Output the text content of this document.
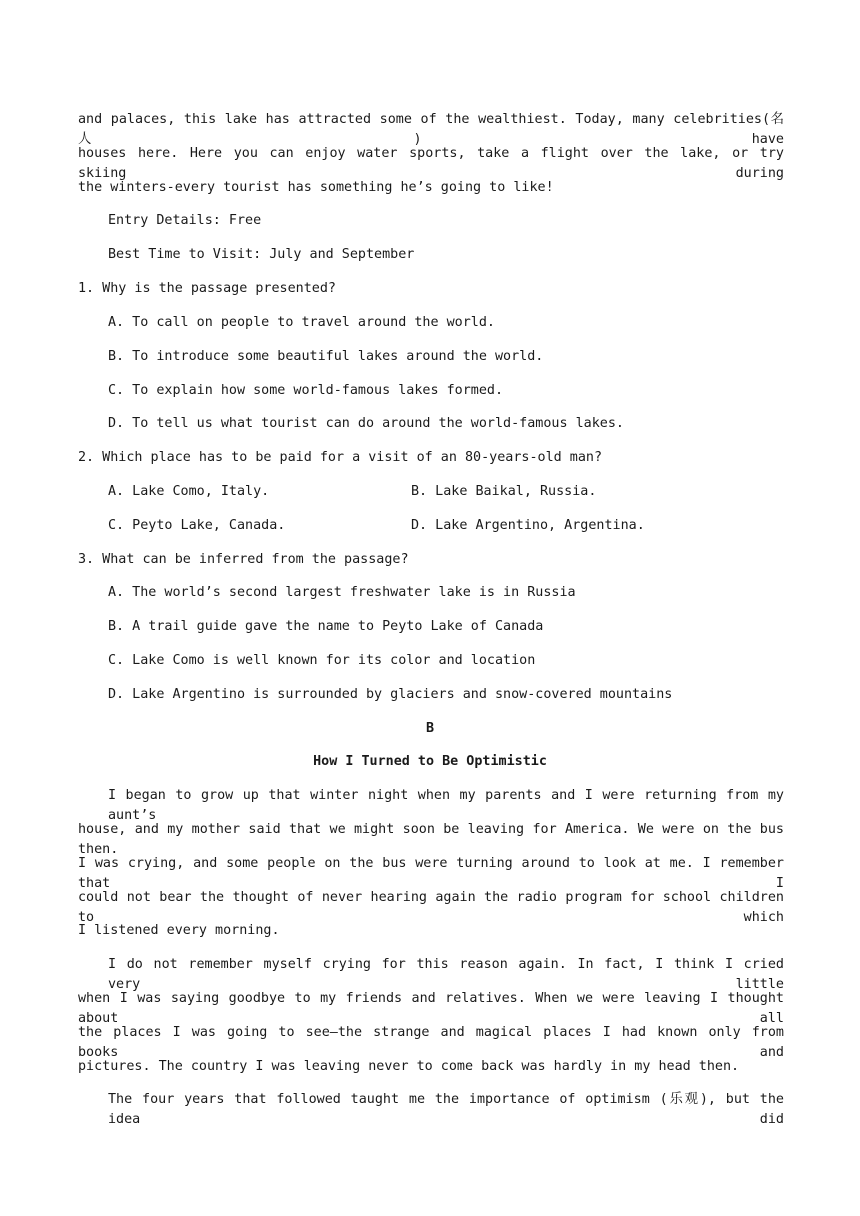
and palaces, this lake has attracted some of the wealthiest. Today, many celebrities(名人) have
houses here. Here you can enjoy water sports, take a flight over the lake, or try skiing during
the winters-every tourist has something he’s going to like!
Entry Details: Free
Best Time to Visit: July and September
1. Why is the passage presented?
A. To call on people to travel around the world.
B. To introduce some beautiful lakes around the world.
C. To explain how some world-famous lakes formed.
D. To tell us what tourist can do around the world-famous lakes.
2. Which place has to be paid for a visit of an 80-years-old man?
A. Lake Como, Italy.	B. Lake Baikal, Russia.
C. Peyto Lake, Canada.	D. Lake Argentino, Argentina.
3. What can be inferred from the passage?
A. The world’s second largest freshwater lake is in Russia
B. A trail guide gave the name to Peyto Lake of Canada
C. Lake Como is well known for its color and location
D. Lake Argentino is surrounded by glaciers and snow-covered mountains
B
How I Turned to Be Optimistic
I began to grow up that winter night when my parents and I were returning from my aunt’s
house, and my mother said that we might soon be leaving for America. We were on the bus then.
I was crying, and some people on the bus were turning around to look at me. I remember that I
could not bear the thought of never hearing again the radio program for school children to which
I listened every morning.
I do not remember myself crying for this reason again. In fact, I think I cried very little
when I was saying goodbye to my friends and relatives. When we were leaving I thought about all
the places I was going to see—the strange and magical places I had known only from books and
pictures. The country I was leaving never to come back was hardly in my head then.
The four years that followed taught me the importance of optimism (乐观), but the idea did
